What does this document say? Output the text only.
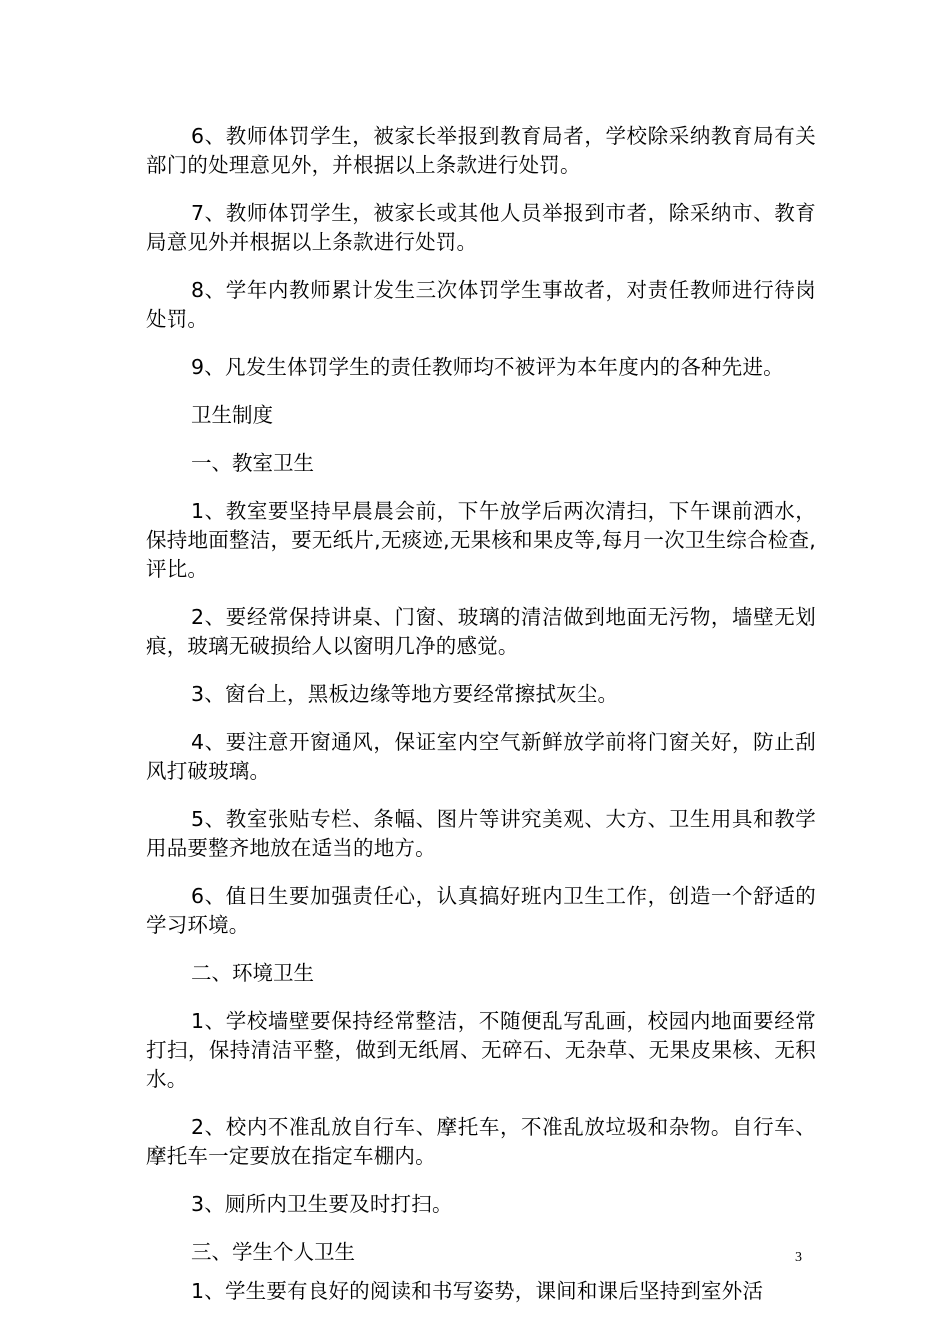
6、教师体罚学生，被家长举报到教育局者，学校除采纳教育局有关部门的处理意见外，并根据以上条款进行处罚。

7、教师体罚学生，被家长或其他人员举报到市者，除采纳市、教育局意见外并根据以上条款进行处罚。

8、学年内教师累计发生三次体罚学生事故者，对责任教师进行待岗处罚。

9、凡发生体罚学生的责任教师均不被评为本年度内的各种先进。

卫生制度

一、教室卫生

1、教室要坚持早晨晨会前，下午放学后两次清扫，下午课前洒水，保持地面整洁，要无纸片,无痰迹,无果核和果皮等,每月一次卫生综合检查,评比。

2、要经常保持讲桌、门窗、玻璃的清洁做到地面无污物，墙壁无划痕，玻璃无破损给人以窗明几净的感觉。

3、窗台上，黑板边缘等地方要经常擦拭灰尘。

4、要注意开窗通风，保证室内空气新鲜放学前将门窗关好，防止刮风打破玻璃。

5、教室张贴专栏、条幅、图片等讲究美观、大方、卫生用具和教学用品要整齐地放在适当的地方。

6、值日生要加强责任心，认真搞好班内卫生工作，创造一个舒适的学习环境。

二、环境卫生

1、学校墙壁要保持经常整洁，不随便乱写乱画，校园内地面要经常打扫，保持清洁平整，做到无纸屑、无碎石、无杂草、无果皮果核、无积水。

2、校内不准乱放自行车、摩托车，不准乱放垃圾和杂物。自行车、摩托车一定要放在指定车棚内。

3、厕所内卫生要及时打扫。

三、学生个人卫生

1、学生要有良好的阅读和书写姿势，课间和课后坚持到室外活

3
